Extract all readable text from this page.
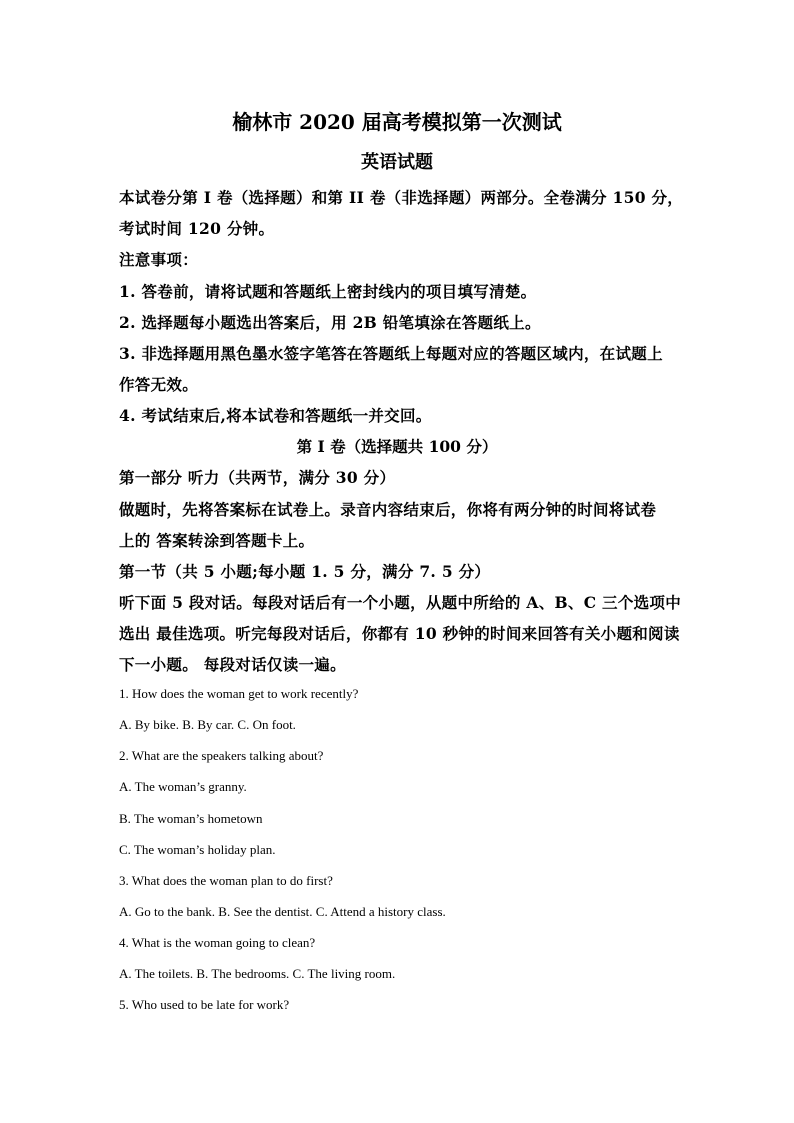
榆林市 2020 届高考模拟第一次测试
英语试题
本试卷分第 I 卷（选择题）和第 II 卷（非选择题）两部分。全卷满分 150 分，
考试时间 120 分钟。
注意事项：
1. 答卷前，请将试题和答题纸上密封线内的项目填写清楚。
2. 选择题每小题选出答案后，用 2B 铅笔填涂在答题纸上。
3. 非选择题用黑色墨水签字笔答在答题纸上每题对应的答题区域内，在试题上
作答无效。
4. 考试结束后,将本试卷和答题纸一并交回。
第 I 卷（选择题共 100 分）
第一部分 听力（共两节，满分 30 分）
做题时，先将答案标在试卷上。录音内容结束后，你将有两分钟的时间将试卷
上的 答案转涂到答题卡上。
第一节（共 5 小题;每小题 1. 5 分，满分 7. 5 分）
听下面 5 段对话。每段对话后有一个小题，从题中所给的 A、B、C 三个选项中
选出 最佳选项。听完每段对话后，你都有 10 秒钟的时间来回答有关小题和阅读
下一小题。 每段对话仅读一遍。
1. How does the woman get to work recently?
A. By bike. B. By car. C. On foot.
2. What are the speakers talking about?
A. The woman’s granny.
B. The woman’s hometown
C. The woman’s holiday plan.
3. What does the woman plan to do first?
A. Go to the bank. B. See the dentist. C. Attend a history class.
4. What is the woman going to clean?
A. The toilets. B. The bedrooms. C. The living room.
5. Who used to be late for work?
